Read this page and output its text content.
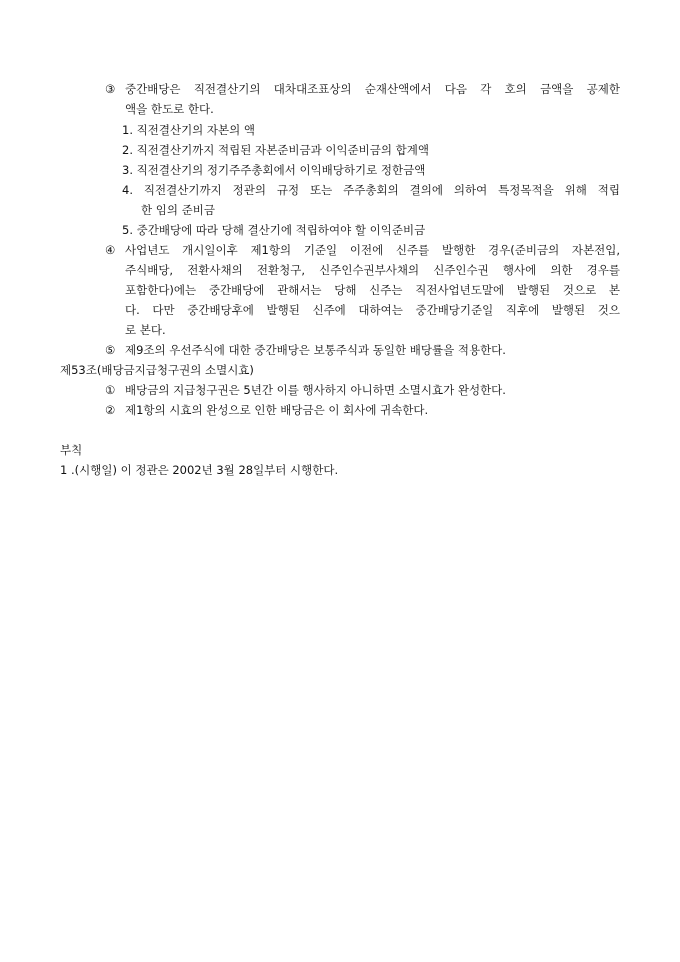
③ 중간배당은 직전결산기의 대차대조표상의 순재산액에서 다음 각 호의 금액을 공제한
액을 한도로 한다.
1. 직전결산기의 자본의 액
2. 직전결산기까지 적립된 자본준비금과 이익준비금의 합계액
3. 직전결산기의 정기주주총회에서 이익배당하기로 정한금액
4. 직전결산기까지 정관의 규정 또는 주주총회의 결의에 의하여 특정목적을 위해 적립
한 임의 준비금
5. 중간배당에 따라 당해 결산기에 적립하여야 할 이익준비금
④ 사업년도 개시일이후 제1항의 기준일 이전에 신주를 발행한 경우(준비금의 자본전입,
주식배당, 전환사채의 전환청구, 신주인수권부사채의 신주인수권 행사에 의한 경우를
포함한다)에는 중간배당에 관해서는 당해 신주는 직전사업년도말에 발행된 것으로 본
다. 다만 중간배당후에 발행된 신주에 대하여는 중간배당기준일 직후에 발행된 것으
로 본다.
⑤ 제9조의 우선주식에 대한 중간배당은 보통주식과 동일한 배당률을 적용한다.
제53조(배당금지급청구권의 소멸시효)
① 배당금의 지급청구권은 5년간 이를 행사하지 아니하면 소멸시효가 완성한다.
② 제1항의 시효의 완성으로 인한 배당금은 이 회사에 귀속한다.
부칙
1 .(시행일) 이 정관은 2002년 3월 28일부터 시행한다.
